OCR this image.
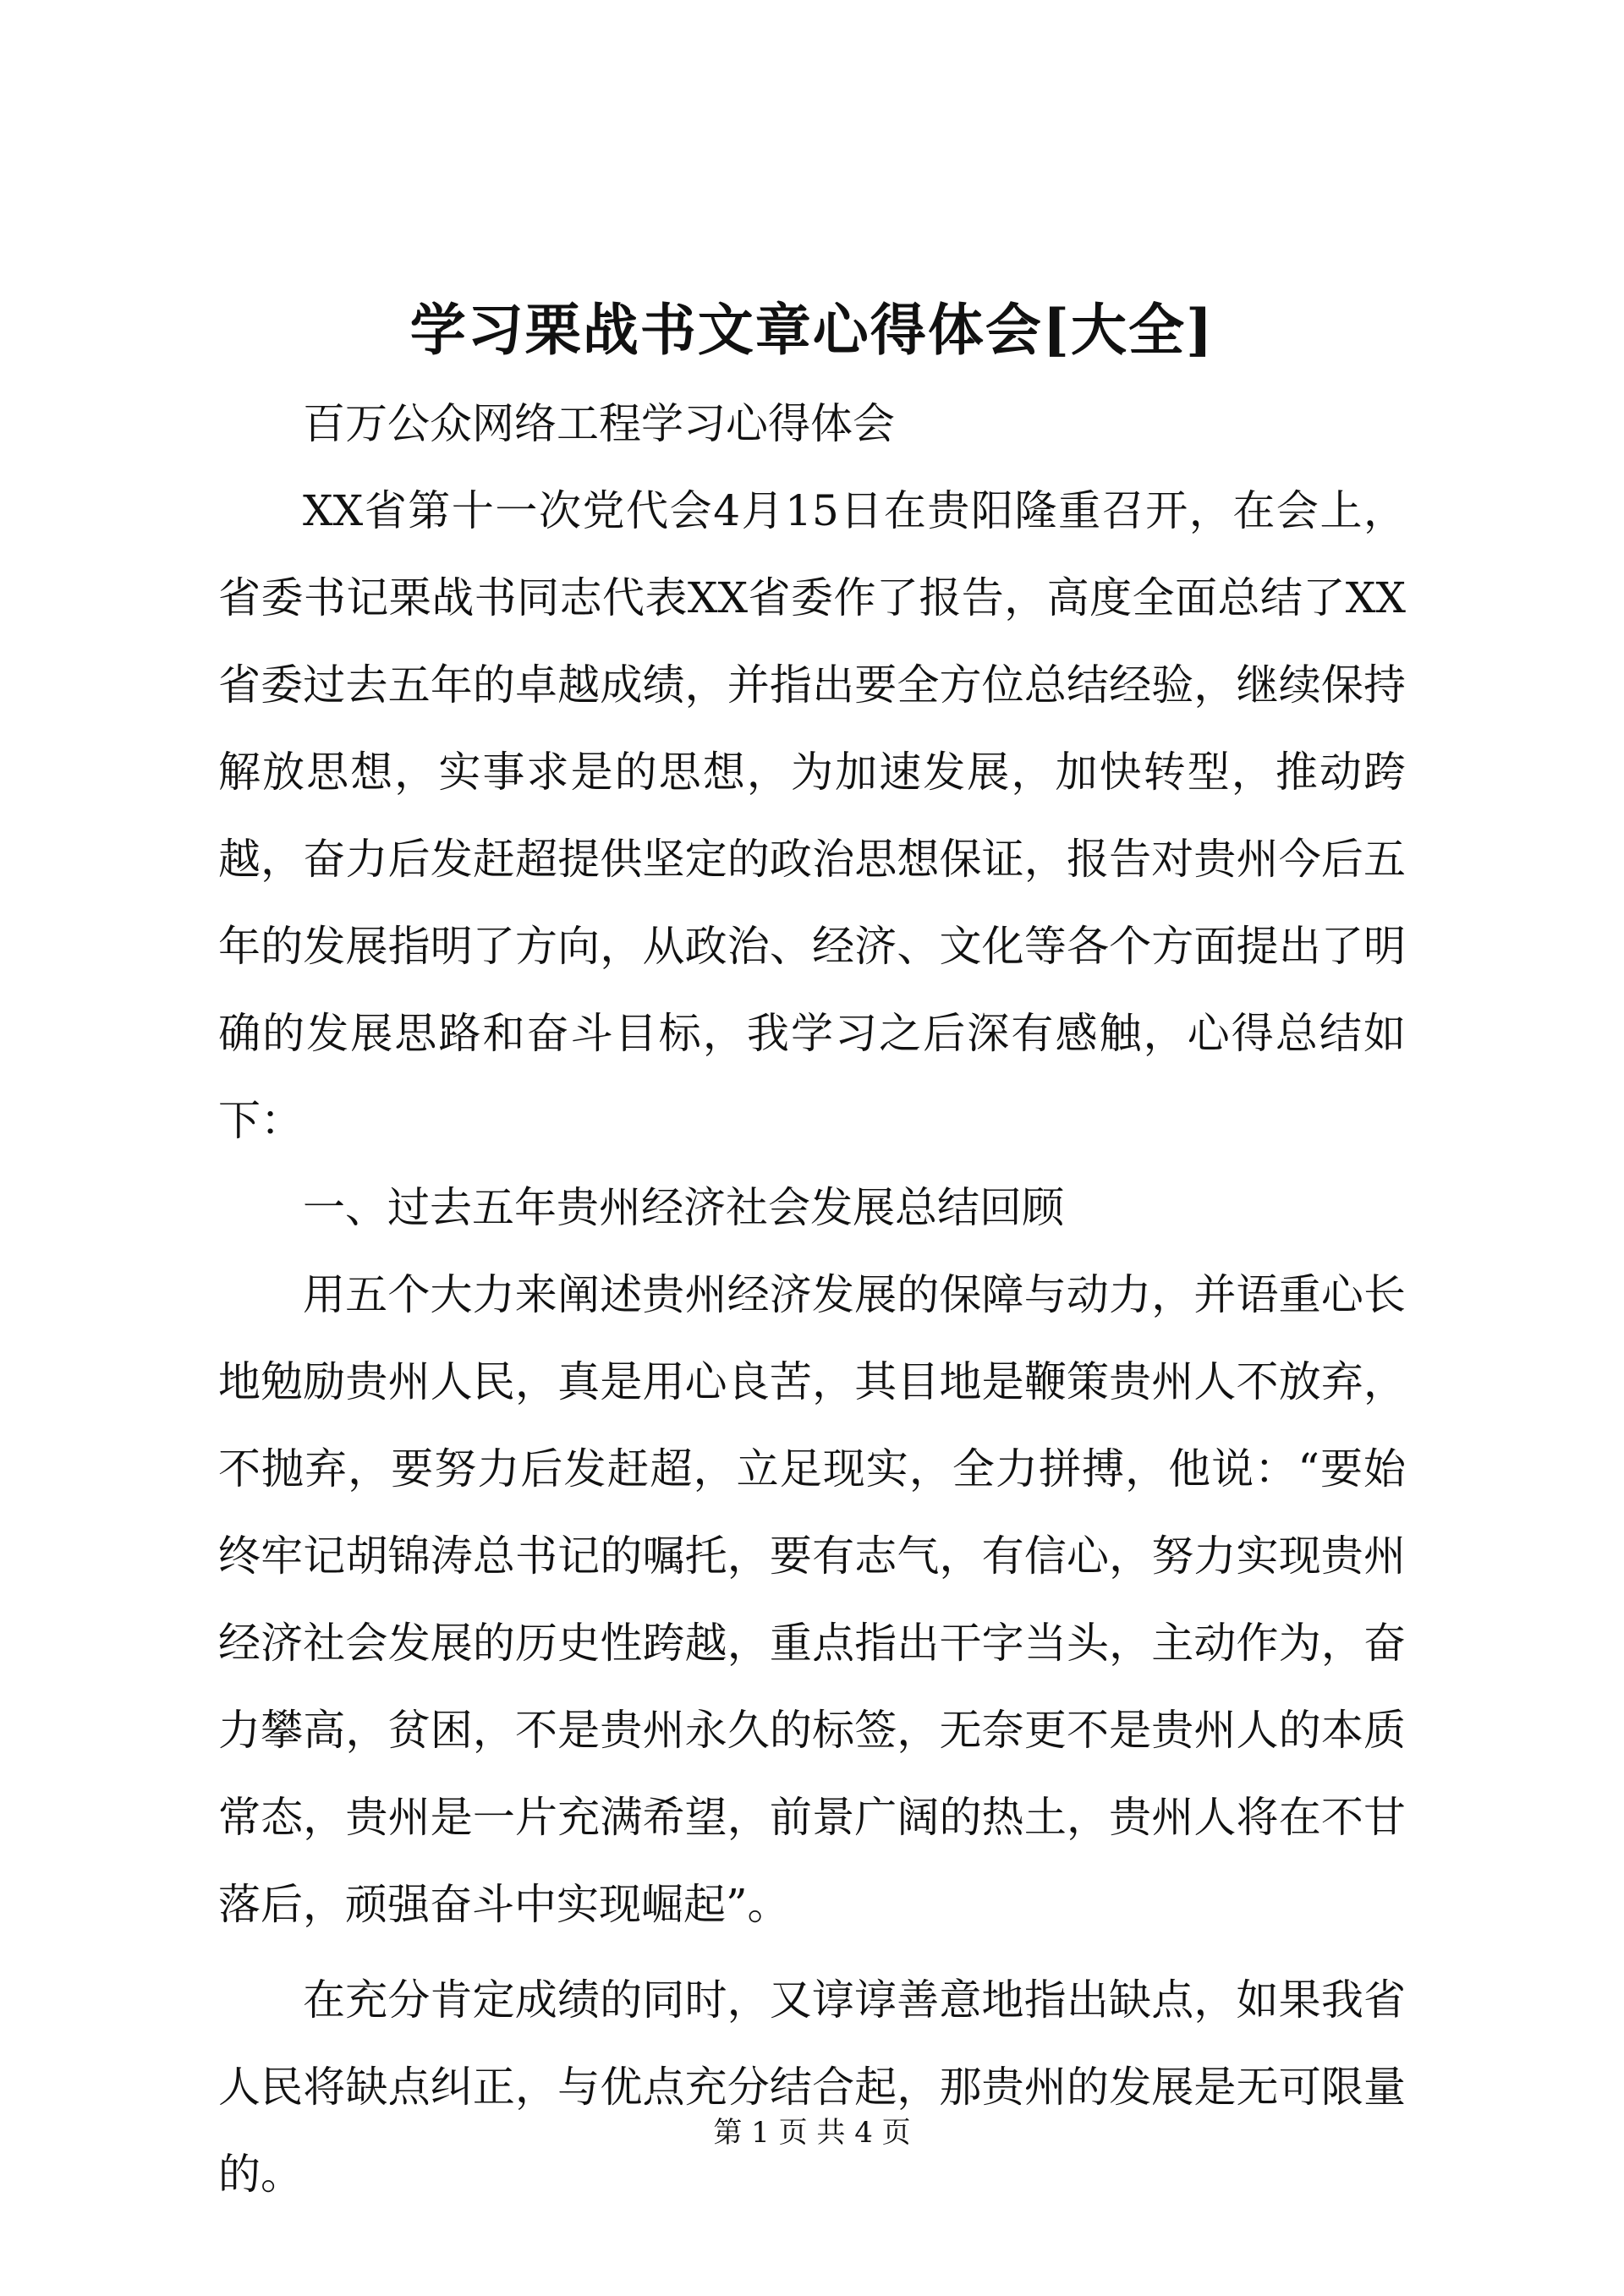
学习栗战书文章心得体会[大全]

百万公众网络工程学习心得体会

XX省第十一次党代会4月15日在贵阳隆重召开，在会上，省委书记栗战书同志代表XX省委作了报告，高度全面总结了XX省委过去五年的卓越成绩，并指出要全方位总结经验，继续保持解放思想，实事求是的思想，为加速发展，加快转型，推动跨越，奋力后发赶超提供坚定的政治思想保证，报告对贵州今后五年的发展指明了方向，从政治、经济、文化等各个方面提出了明确的发展思路和奋斗目标，我学习之后深有感触，心得总结如下：

一、过去五年贵州经济社会发展总结回顾

用五个大力来阐述贵州经济发展的保障与动力，并语重心长地勉励贵州人民，真是用心良苦，其目地是鞭策贵州人不放弃，不抛弃，要努力后发赶超，立足现实，全力拼搏，他说：“要始终牢记胡锦涛总书记的嘱托，要有志气，有信心，努力实现贵州经济社会发展的历史性跨越，重点指出干字当头，主动作为，奋力攀高，贫困，不是贵州永久的标签，无奈更不是贵州人的本质常态，贵州是一片充满希望，前景广阔的热土，贵州人将在不甘落后，顽强奋斗中实现崛起”。

在充分肯定成绩的同时，又谆谆善意地指出缺点，如果我省人民将缺点纠正，与优点充分结合起，那贵州的发展是无可限量的。

第 1 页 共 4 页
